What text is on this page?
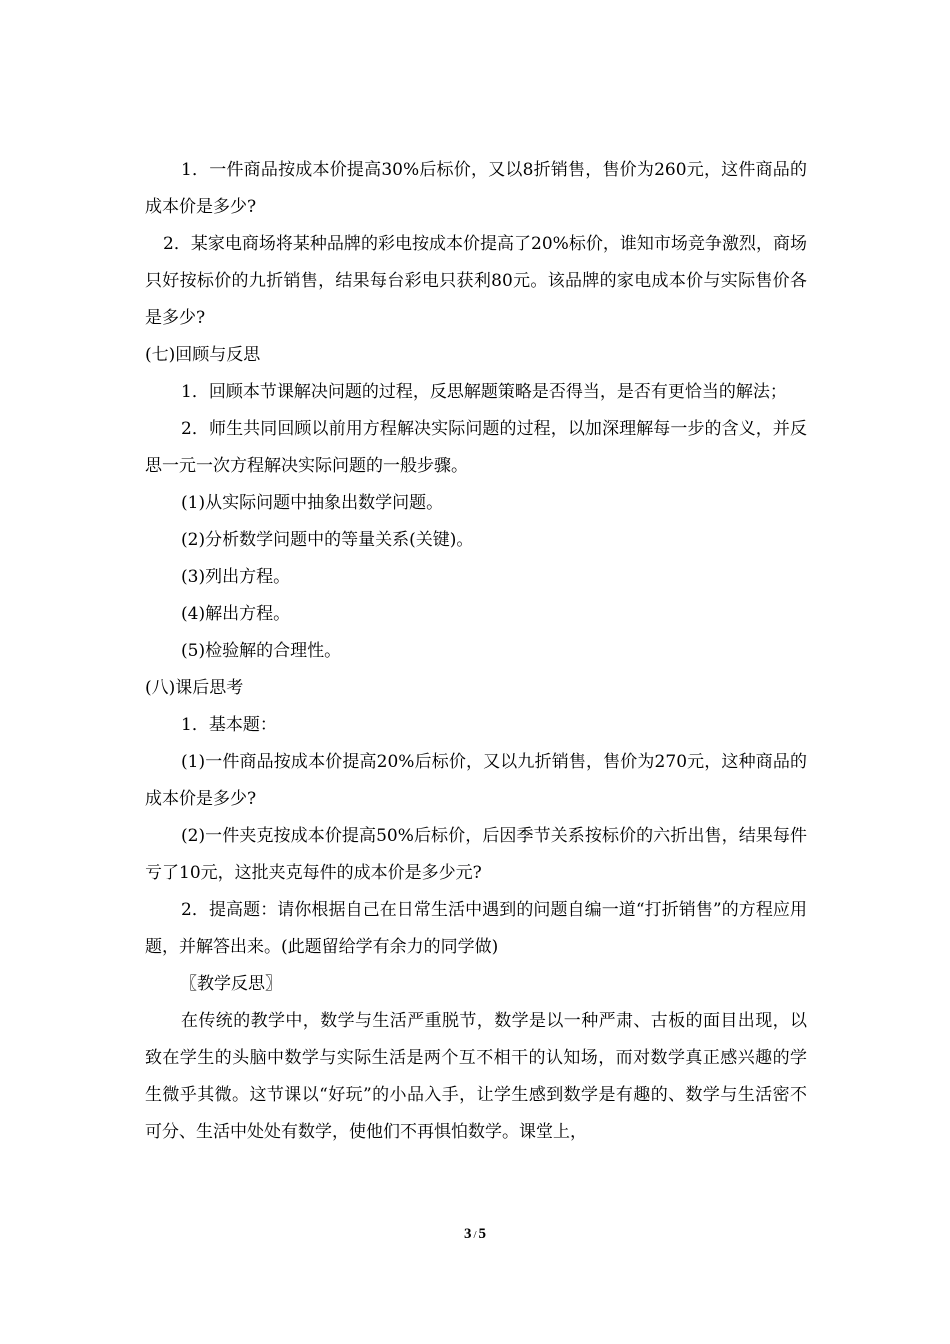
1．一件商品按成本价提高30%后标价，又以8折销售，售价为260元，这件商品的成本价是多少?

2．某家电商场将某种品牌的彩电按成本价提高了20%标价，谁知市场竞争激烈，商场只好按标价的九折销售，结果每台彩电只获利80元。该品牌的家电成本价与实际售价各是多少?

(七)回顾与反思

1．回顾本节课解决问题的过程，反思解题策略是否得当，是否有更恰当的解法；

2．师生共同回顾以前用方程解决实际问题的过程，以加深理解每一步的含义，并反思一元一次方程解决实际问题的一般步骤。

(1)从实际问题中抽象出数学问题。

(2)分析数学问题中的等量关系(关键)。

(3)列出方程。

(4)解出方程。

(5)检验解的合理性。

(八)课后思考

1．基本题：

(1)一件商品按成本价提高20%后标价，又以九折销售，售价为270元，这种商品的成本价是多少?

(2)一件夹克按成本价提高50%后标价，后因季节关系按标价的六折出售，结果每件亏了10元，这批夹克每件的成本价是多少元?

2．提高题：请你根据自己在日常生活中遇到的问题自编一道“打折销售”的方程应用题，并解答出来。(此题留给学有余力的同学做)

〖教学反思〗

在传统的教学中，数学与生活严重脱节，数学是以一种严肃、古板的面目出现，以致在学生的头脑中数学与实际生活是两个互不相干的认知场，而对数学真正感兴趣的学生微乎其微。这节课以“好玩”的小品入手，让学生感到数学是有趣的、数学与生活密不可分、生活中处处有数学，使他们不再惧怕数学。课堂上，

3 / 5
